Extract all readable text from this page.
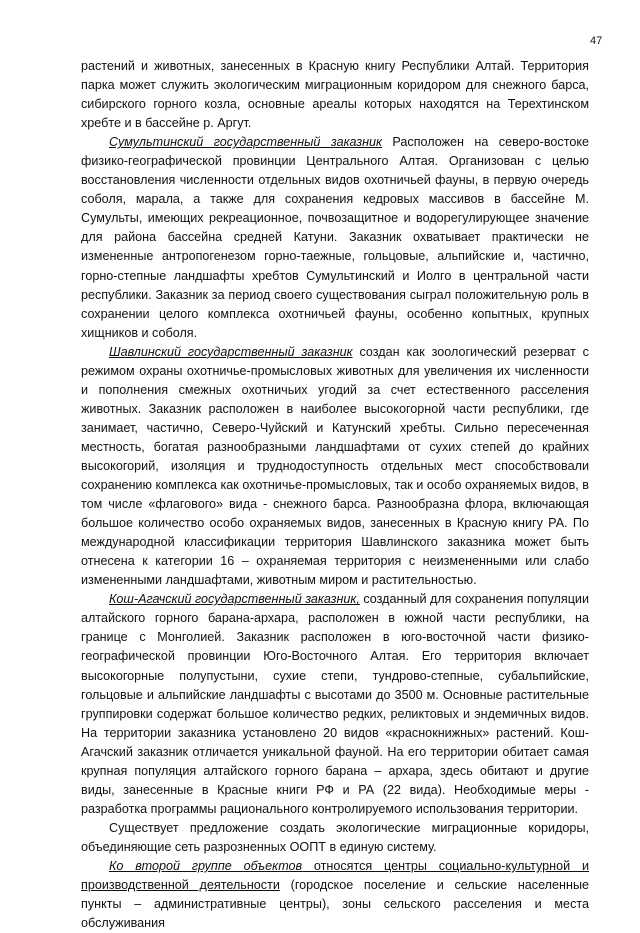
47

растений и животных, занесенных в Красную книгу Республики Алтай. Территория парка может служить экологическим миграционным коридором для снежного барса, сибирского горного козла, основные ареалы которых находятся на Терехтинском хребте и в бассейне р. Аргут.

Сумультинский государственный заказник Расположен на северо-востоке физико-географической провинции Центрального Алтая. Организован с целью восстановления численности отдельных видов охотничьей фауны, в первую очередь соболя, марала, а также для сохранения кедровых массивов в бассейне М. Сумульты, имеющих рекреационное, почвозащитное и водорегулирующее значение для района бассейна средней Катуни. Заказник охватывает практически не измененные антропогенезом горно-таежные, гольцовые, альпийские и, частично, горно-степные ландшафты хребтов Сумультинский и Иолго в центральной части республики. Заказник за период своего существования сыграл положительную роль в сохранении целого комплекса охотничьей фауны, особенно копытных, крупных хищников и соболя.

Шавлинский государственный заказник создан как зоологический резерват с режимом охраны охотничье-промысловых животных для увеличения их численности и пополнения смежных охотничьих угодий за счет естественного расселения животных. Заказник расположен в наиболее высокогорной части республики, где занимает, частично, Северо-Чуйский и Катунский хребты. Сильно пересеченная местность, богатая разнообразными ландшафтами от сухих степей до крайних высокогорий, изоляция и труднодоступность отдельных мест способствовали сохранению комплекса как охотничье-промысловых, так и особо охраняемых видов, в том числе «флагового» вида - снежного барса. Разнообразна флора, включающая большое количество особо охраняемых видов, занесенных в Красную книгу РА. По международной классификации территория Шавлинского заказника может быть отнесена к категории 16 – охраняемая территория с неизмененными или слабо измененными ландшафтами, животным миром и растительностью.

Кош-Агачский государственный заказник, созданный для сохранения популяции алтайского горного барана-архара, расположен в южной части республики, на границе с Монголией. Заказник расположен в юго-восточной части физико-географической провинции Юго-Восточного Алтая. Его территория включает высокогорные полупустыни, сухие степи, тундрово-степные, субальпийские, гольцовые и альпийские ландшафты с высотами до 3500 м. Основные растительные группировки содержат большое количество редких, реликтовых и эндемичных видов. На территории заказника установлено 20 видов «краснокнижных» растений. Кош-Агачский заказник отличается уникальной фауной. На его территории обитает самая крупная популяция алтайского горного барана – архара, здесь обитают и другие виды, занесенные в Красные книги РФ и РА (22 вида). Необходимые меры - разработка программы рационального контролируемого использования территории.

Существует предложение создать экологические миграционные коридоры, объединяющие сеть разрозненных ООПТ в единую систему.

Ко второй группе объектов относятся центры социально-культурной и производственной деятельности (городское поселение и сельские населенные пункты – административные центры), зоны сельского расселения и места обслуживания
